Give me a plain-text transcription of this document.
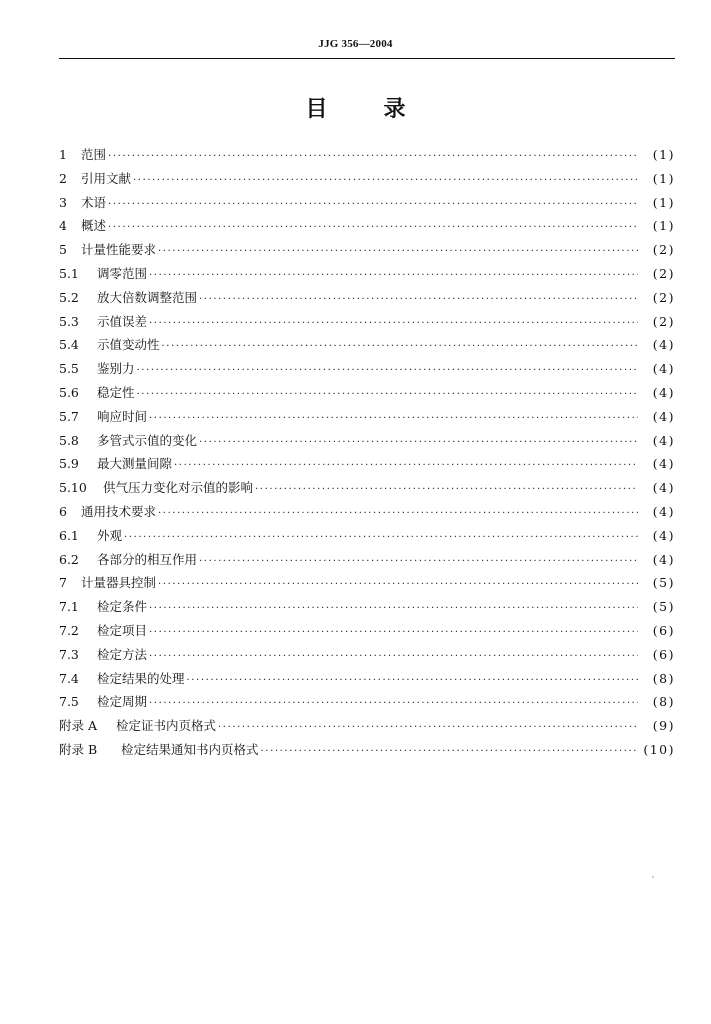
JJG 356—2004
目	录
1	范围 ·····	(1)
2	引用文献 ·····	(1)
3	术语 ·····	(1)
4	概述 ·····	(1)
5	计量性能要求 ·····	(2)
5.1	调零范围 ·····	(2)
5.2	放大倍数调整范围 ·····	(2)
5.3	示值误差 ·····	(2)
5.4	示值变动性 ·····	(4)
5.5	鉴别力 ·····	(4)
5.6	稳定性 ·····	(4)
5.7	响应时间 ·····	(4)
5.8	多管式示值的变化 ·····	(4)
5.9	最大测量间隙 ·····	(4)
5.10	供气压力变化对示值的影响 ·····	(4)
6	通用技术要求 ·····	(4)
6.1	外观 ·····	(4)
6.2	各部分的相互作用 ·····	(4)
7	计量器具控制 ·····	(5)
7.1	检定条件 ·····	(5)
7.2	检定项目 ·····	(6)
7.3	检定方法 ·····	(6)
7.4	检定结果的处理 ·····	(8)
7.5	检定周期 ·····	(8)
附录 A	检定证书内页格式 ·····	(9)
附录 B	检定结果通知书内页格式 ·····	(10)
